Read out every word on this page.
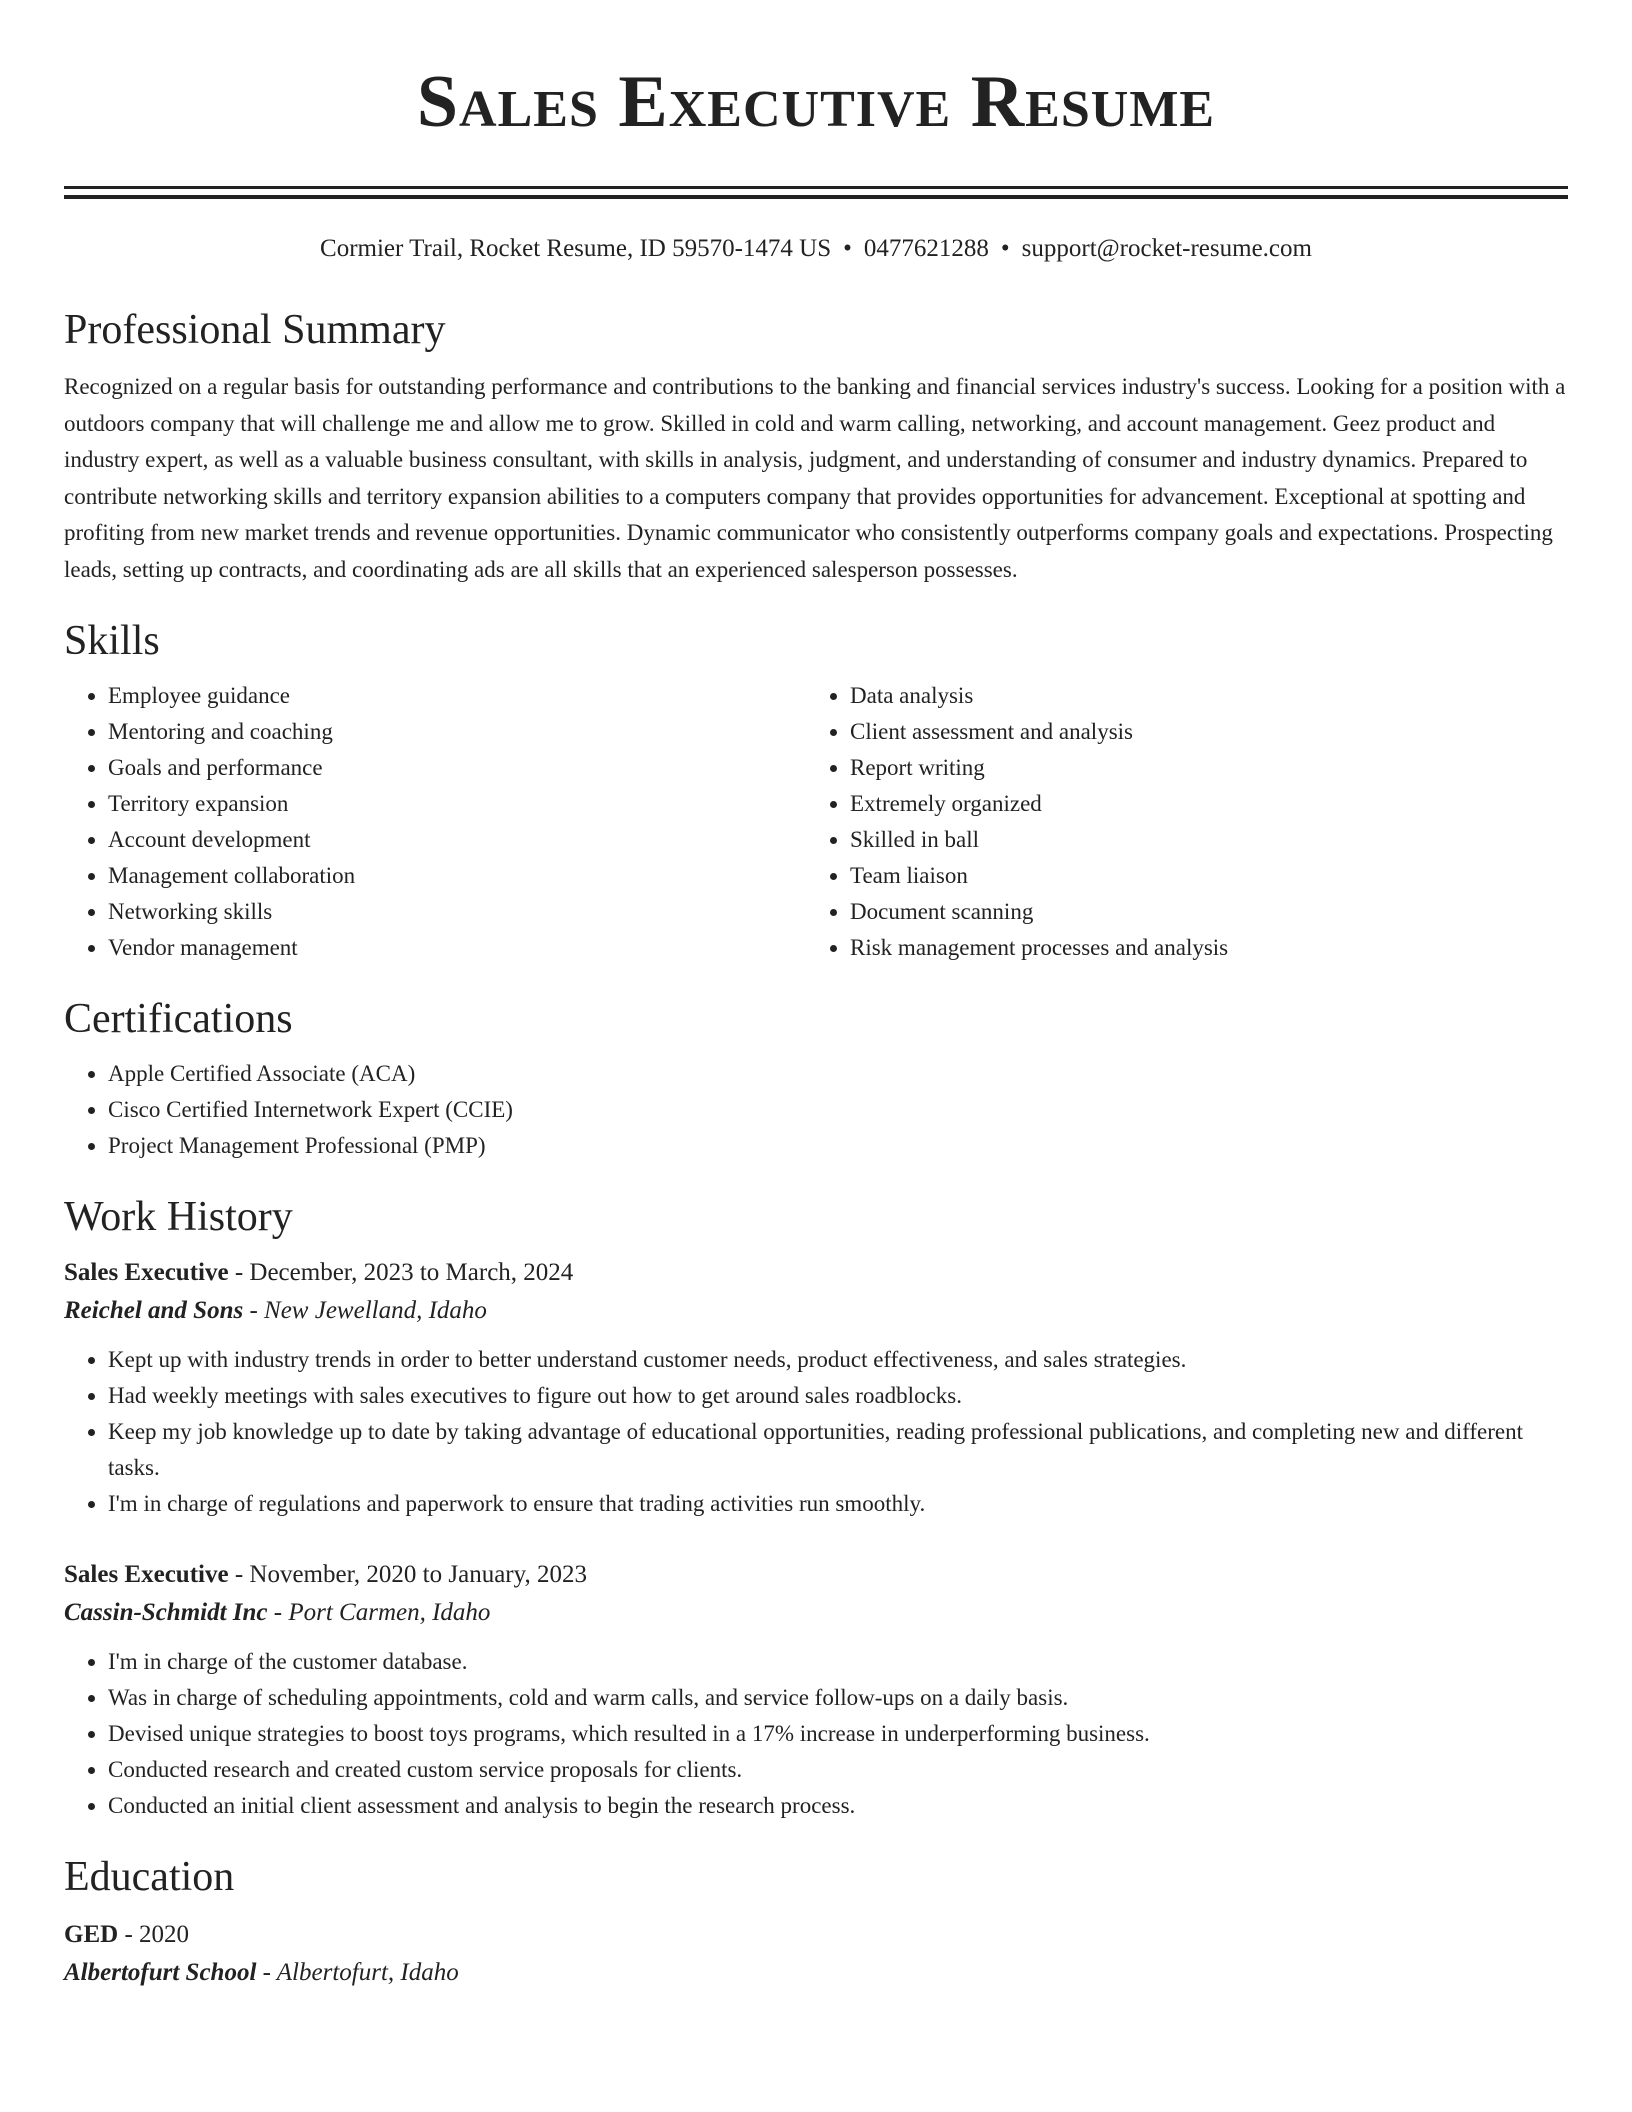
Sales Executive Resume
Cormier Trail, Rocket Resume, ID 59570-1474 US • 0477621288 • support@rocket-resume.com
Professional Summary

Recognized on a regular basis for outstanding performance and contributions to the banking and financial services industry's success. Looking for a position with a outdoors company that will challenge me and allow me to grow. Skilled in cold and warm calling, networking, and account management. Geez product and industry expert, as well as a valuable business consultant, with skills in analysis, judgment, and understanding of consumer and industry dynamics. Prepared to contribute networking skills and territory expansion abilities to a computers company that provides opportunities for advancement. Exceptional at spotting and profiting from new market trends and revenue opportunities. Dynamic communicator who consistently outperforms company goals and expectations. Prospecting leads, setting up contracts, and coordinating ads are all skills that an experienced salesperson possesses.

Skills
• Employee guidance
• Mentoring and coaching
• Goals and performance
• Territory expansion
• Account development
• Management collaboration
• Networking skills
• Vendor management
• Data analysis
• Client assessment and analysis
• Report writing
• Extremely organized
• Skilled in ball
• Team liaison
• Document scanning
• Risk management processes and analysis
Certifications
• Apple Certified Associate (ACA)
• Cisco Certified Internetwork Expert (CCIE)
• Project Management Professional (PMP)
Work History
Sales Executive - December, 2023 to March, 2024
Reichel and Sons - New Jewelland, Idaho
• Kept up with industry trends in order to better understand customer needs, product effectiveness, and sales strategies.
• Had weekly meetings with sales executives to figure out how to get around sales roadblocks.
• Keep my job knowledge up to date by taking advantage of educational opportunities, reading professional publications, and completing new and different tasks.
• I'm in charge of regulations and paperwork to ensure that trading activities run smoothly.
Sales Executive - November, 2020 to January, 2023
Cassin-Schmidt Inc - Port Carmen, Idaho
• I'm in charge of the customer database.
• Was in charge of scheduling appointments, cold and warm calls, and service follow-ups on a daily basis.
• Devised unique strategies to boost toys programs, which resulted in a 17% increase in underperforming business.
• Conducted research and created custom service proposals for clients.
• Conducted an initial client assessment and analysis to begin the research process.
Education
GED - 2020
Albertofurt School - Albertofurt, Idaho
